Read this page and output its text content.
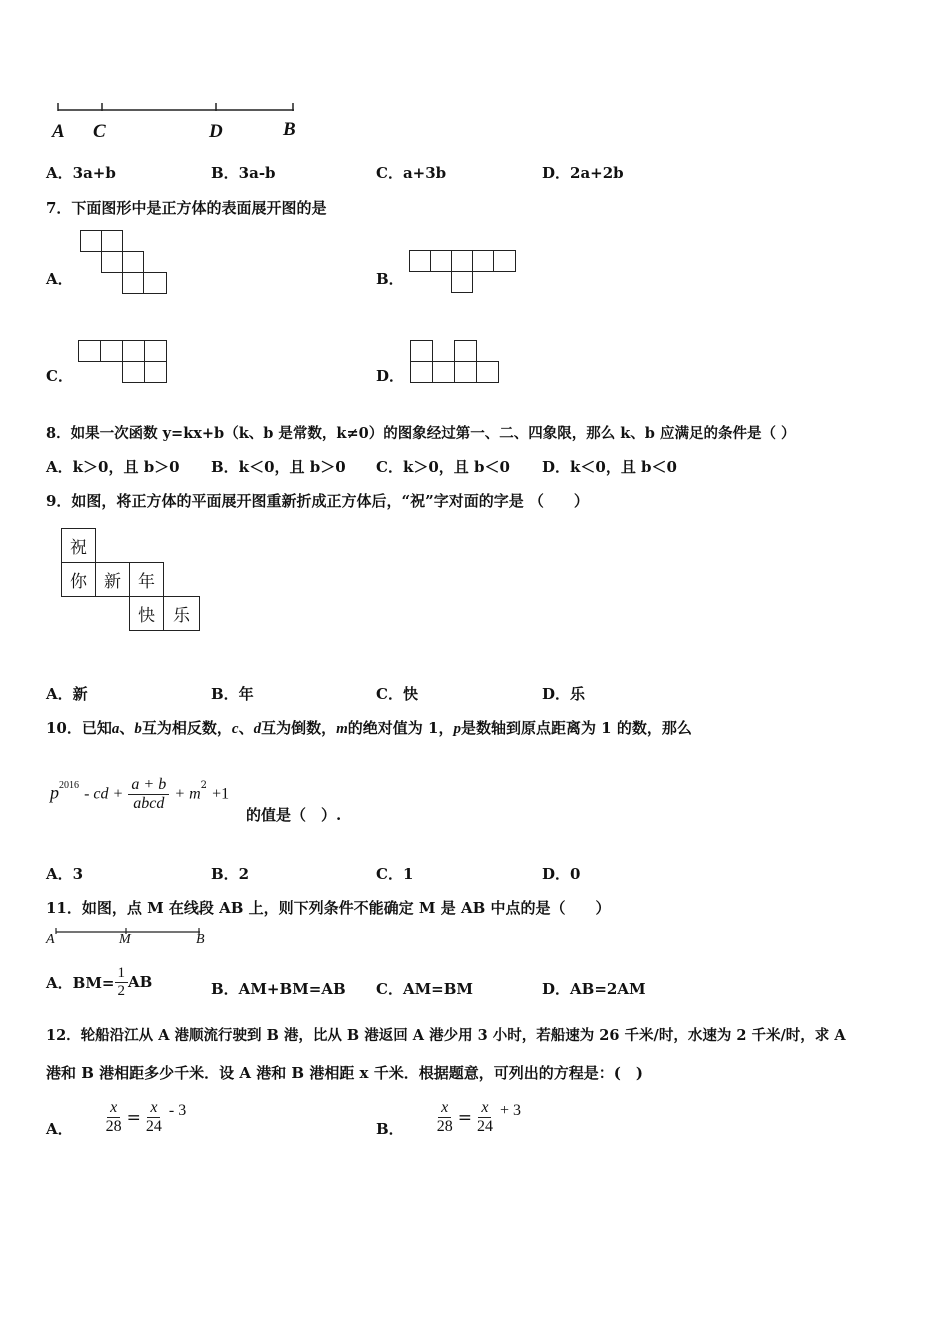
A C	D	B
A．3a+b	B．3a-b	C．a+3b	D．2a+2b
7．下面图形中是正方体的表面展开图的是
A．	B．
C．	D．
8．如果一次函数 y=kx+b（k、b 是常数，k≠0）的图象经过第一、二、四象限，那么 k、b 应满足的条件是（ ）
A．k＞0，且 b＞0 B．k＜0，且 b＞0 C．k＞0，且 b＜0 D．k＜0，且 b＜0
9．如图，将正方体的平面展开图重新折成正方体后，“祝”字对面的字是 （　　）
祝
你	新	年
快	乐
A．新	B．年	C．快	D．乐
10．已知a、b互为相反数，c、d互为倒数，m的绝对值为 1，p是数轴到原点距离为 1 的数，那么
$p^{2016}$ - cd + $\frac{a + b}{\text{abcd}} + m^2 +1$
的值是（　）.
A．3	B．2	C．1	D．0
11．如图，点 M 在线段 AB 上，则下列条件不能确定 M 是 AB 中点的是（　　）
A	M	B
A．$BM= \frac{1}{2}$ AB	B．AM+BM=AB C．AM=BM	D．AB=2AM
12．轮船沿江从 A 港顺流行驶到 B 港，比从 B 港返回 A 港少用 3 小时，若船速为 26 千米/时，水速为 2 千米/时，求 A
港和 B 港相距多少千米．设 A 港和 B 港相距 x 千米．根据题意，可列出的方程是：(　)
A． $\frac{x}{28} = \frac{x}{24} - 3$
B． $\frac{x}{28} = \frac{x}{24} + 3$
